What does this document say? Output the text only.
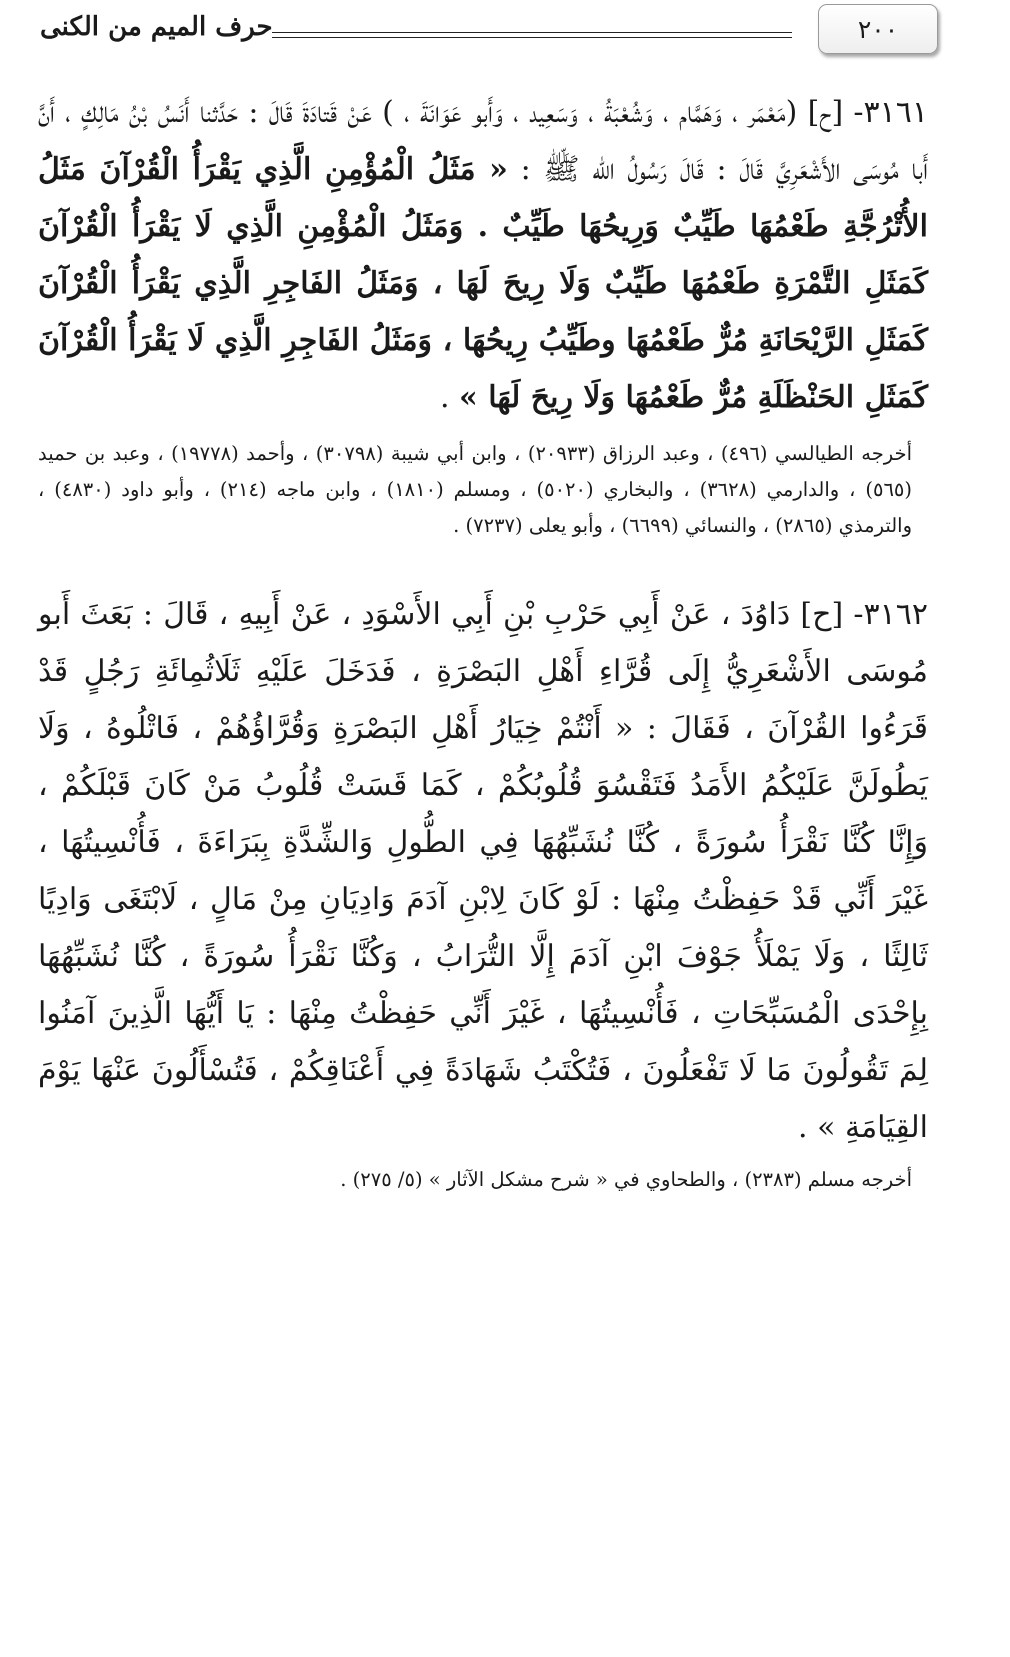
٢٠٠
حرف الميم من الكنى

٣١٦١- [ح] (مَعْمَر ، وَهَمَّام ، وَشُعْبَةُ ، وَسَعِيد ، وَأَبو عَوَانَةَ ، ) عَنْ قَتادَةَ قَالَ : حَدَّثنا أَنَسُ بْنُ مَالِكٍ ، أَنَّ أَبا مُوسَى الأَشْعَرِيَّ قَالَ : قَالَ رَسُولُ الله ﷺ : « مَثَلُ الْمُؤْمِنِ الَّذِي يَقْرَأُ الْقُرْآنَ مَثَلُ الأُتْرُجَّةِ طَعْمُهَا طَيِّبٌ وَرِيحُهَا طَيِّبٌ . وَمَثَلُ الْمُؤْمِنِ الَّذِي لَا يَقْرَأُ الْقُرْآنَ كَمَثَلِ التَّمْرَةِ طَعْمُهَا طَيِّبٌ وَلَا رِيحَ لَهَا ، وَمَثَلُ الفَاجِرِ الَّذِي يَقْرَأُ الْقُرْآنَ كَمَثَلِ الرَّيْحَانَةِ مُرٌّ طَعْمُهَا وطَيِّبُ رِيحُهَا ، وَمَثَلُ الفَاجِرِ الَّذِي لَا يَقْرَأُ الْقُرْآنَ كَمَثَلِ الحَنْظَلَةِ مُرٌّ طَعْمُهَا وَلَا رِيحَ لَهَا » .

أخرجه الطيالسي (٤٩٦) ، وعبد الرزاق (٢٠٩٣٣) ، وابن أبي شيبة (٣٠٧٩٨) ، وأحمد (١٩٧٧٨) ، وعبد بن حميد (٥٦٥) ، والدارمي (٣٦٢٨) ، والبخاري (٥٠٢٠) ، ومسلم (١٨١٠) ، وابن ماجه (٢١٤) ، وأبو داود (٤٨٣٠) ، والترمذي (٢٨٦٥) ، والنسائي (٦٦٩٩) ، وأبو يعلى (٧٢٣٧) .

٣١٦٢- [ح] دَاوُدَ ، عَنْ أَبِي حَرْبِ بْنِ أَبِي الأَسْوَدِ ، عَنْ أَبِيهِ ، قَالَ : بَعَثَ أَبو مُوسَى الأَشْعَرِيُّ إِلَى قُرَّاءِ أَهْلِ البَصْرَةِ ، فَدَخَلَ عَلَيْهِ ثَلَاثُمِائَةِ رَجُلٍ قَدْ قَرَءُوا القُرْآنَ ، فَقَالَ : « أَنْتُمْ خِيَارُ أَهْلِ البَصْرَةِ وَقُرَّاؤُهُمْ ، فَاتْلُوهُ ، وَلَا يَطُولَنَّ عَلَيْكُمُ الأَمَدُ فَتَقْسُوَ قُلُوبُكُمْ ، كَمَا قَسَتْ قُلُوبُ مَنْ كَانَ قَبْلَكُمْ ، وَإِنَّا كُنَّا نَقْرَأُ سُورَةً ، كُنَّا نُشَبِّهُهَا فِي الطُّولِ وَالشِّدَّةِ بِبَرَاءَةَ ، فَأُنْسِيتُهَا ، غَيْرَ أَنِّي قَدْ حَفِظْتُ مِنْهَا : لَوْ كَانَ لِابْنِ آدَمَ وَادِيَانِ مِنْ مَالٍ ، لَابْتَغَى وَادِيًا ثَالِثًا ، وَلَا يَمْلَأُ جَوْفَ ابْنِ آدَمَ إِلَّا التُّرَابُ ، وَكُنَّا نَقْرَأُ سُورَةً ، كُنَّا نُشَبِّهُهَا بِإِحْدَى الْمُسَبِّحَاتِ ، فَأُنْسِيتُهَا ، غَيْرَ أَنِّي حَفِظْتُ مِنْهَا : يَا أَيُّهَا الَّذِينَ آمَنُوا لِمَ تَقُولُونَ مَا لَا تَفْعَلُونَ ، فَتُكْتَبُ شَهَادَةً فِي أَعْنَاقِكُمْ ، فَتُسْأَلُونَ عَنْهَا يَوْمَ القِيَامَةِ » .

أخرجه مسلم (٢٣٨٣) ، والطحاوي في « شرح مشكل الآثار » (٥/ ٢٧٥) .
